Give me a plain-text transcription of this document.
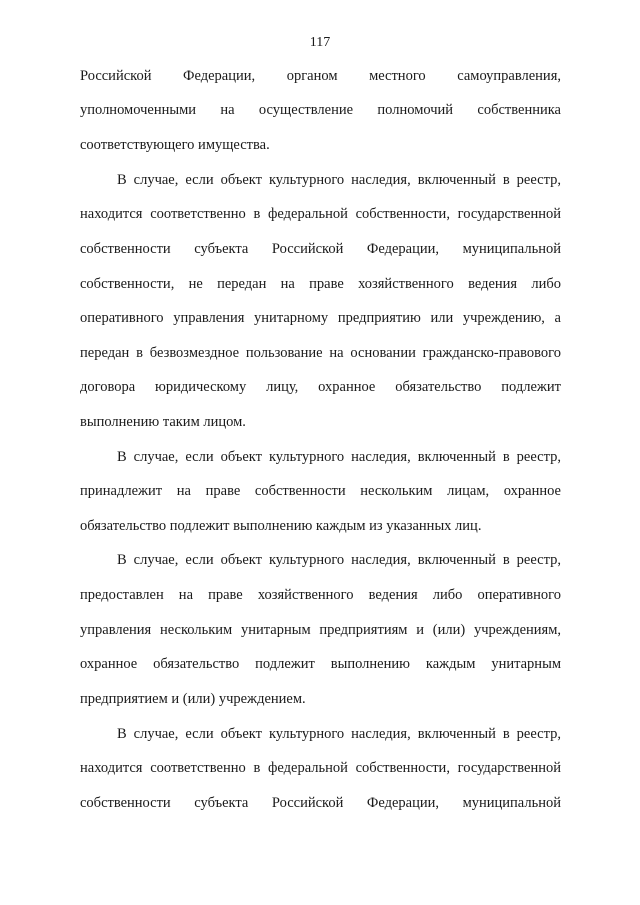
117
Российской Федерации, органом местного самоуправления,
уполномоченными на осуществление полномочий собственника
соответствующего имущества.
В случае, если объект культурного наследия, включенный в реестр,
находится соответственно в федеральной собственности, государственной
собственности субъекта Российской Федерации, муниципальной
собственности, не передан на праве хозяйственного ведения либо
оперативного управления унитарному предприятию или учреждению, а
передан в безвозмездное пользование на основании гражданско-правового
договора юридическому лицу, охранное обязательство подлежит
выполнению таким лицом.
В случае, если объект культурного наследия, включенный в реестр,
принадлежит на праве собственности нескольким лицам, охранное
обязательство подлежит выполнению каждым из указанных лиц.
В случае, если объект культурного наследия, включенный в реестр,
предоставлен на праве хозяйственного ведения либо оперативного
управления нескольким унитарным предприятиям и (или) учреждениям,
охранное обязательство подлежит выполнению каждым унитарным
предприятием и (или) учреждением.
В случае, если объект культурного наследия, включенный в реестр,
находится соответственно в федеральной собственности, государственной
собственности субъекта Российской Федерации, муниципальной
